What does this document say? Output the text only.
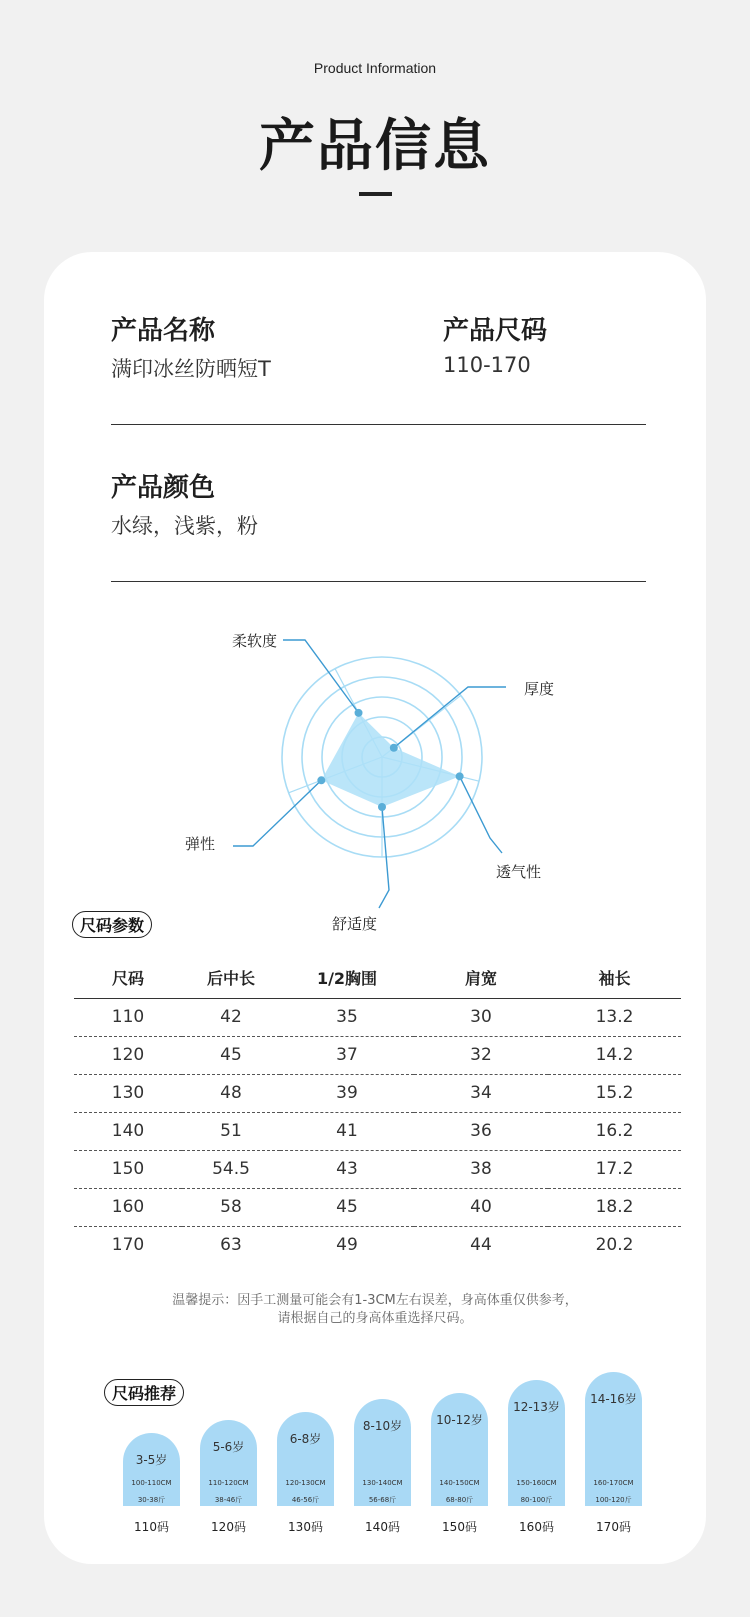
Product Information
产品信息
产品名称
满印冰丝防晒短T
产品尺码
110-170
产品颜色
水绿，浅紫，粉
柔软度
厚度
透气性
舒适度
弹性
尺码参数
尺码	后中长	1/2胸围	肩宽	袖长
110	42	35	30	13.2
120	45	37	32	14.2
130	48	39	34	15.2
140	51	41	36	16.2
150	54.5	43	38	17.2
160	58	45	40	18.2
170	63	49	44	20.2
温馨提示：因手工测量可能会有1-3CM左右误差，身高体重仅供参考，
请根据自己的身高体重选择尺码。
尺码推荐
3-5岁
100-110CM
30-38斤
110码
5-6岁
110-120CM
38-46斤
120码
6-8岁
120-130CM
46-56斤
130码
8-10岁
130-140CM
56-68斤
140码
10-12岁
140-150CM
68-80斤
150码
12-13岁
150-160CM
80-100斤
160码
14-16岁
160-170CM
100-120斤
170码
